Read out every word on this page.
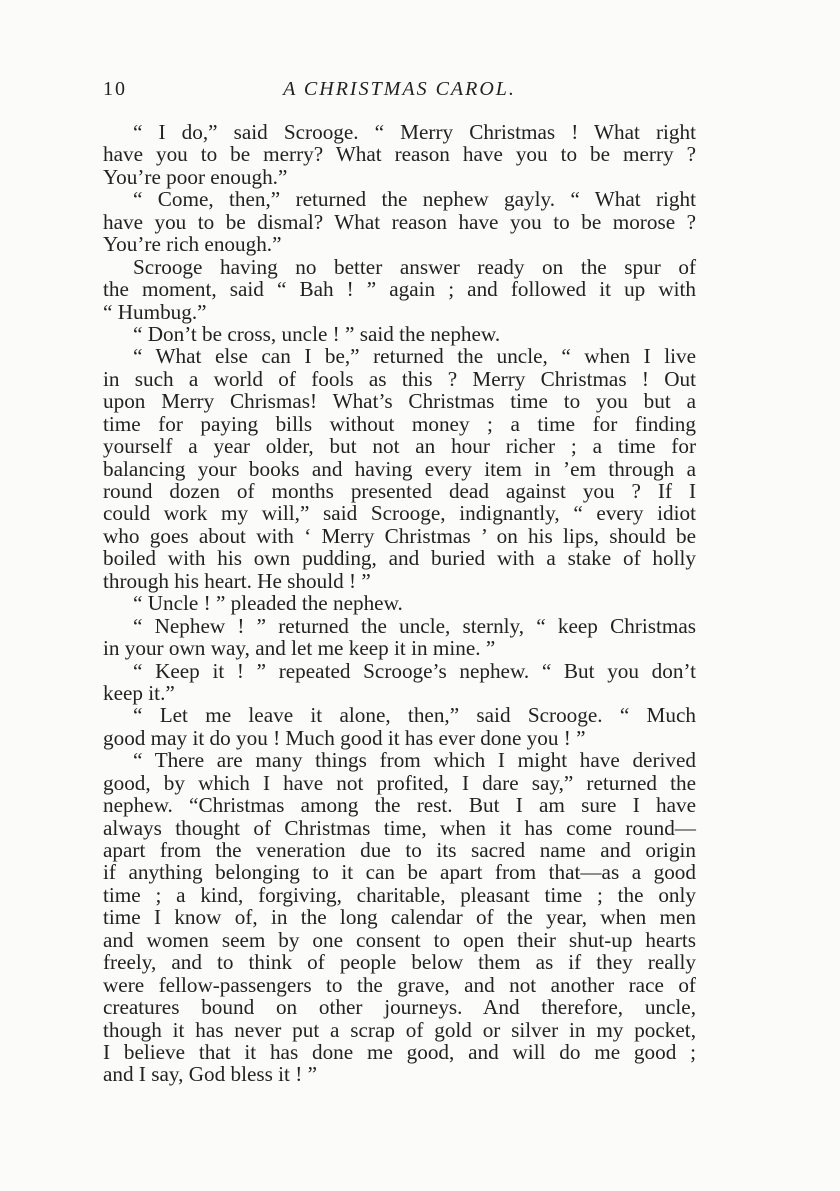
10	A CHRISTMAS CAROL.
“ I do,” said Scrooge. “ Merry Christmas ! What right
have you to be merry? What reason have you to be merry ?
You’re poor enough.”
“ Come, then,” returned the nephew gayly. “ What right
have you to be dismal? What reason have you to be morose ?
You’re rich enough.”
Scrooge having no better answer ready on the spur of
the moment, said “ Bah ! ” again ; and followed it up with
“ Humbug.”
“ Don’t be cross, uncle ! ” said the nephew.
“ What else can I be,” returned the uncle, “ when I live
in such a world of fools as this ? Merry Christmas ! Out
upon Merry Chrismas! What’s Christmas time to you but a
time for paying bills without money ; a time for finding
yourself a year older, but not an hour richer ; a time for
balancing your books and having every item in ’em through a
round dozen of months presented dead against you ? If I
could work my will,” said Scrooge, indignantly, “ every idiot
who goes about with ‘ Merry Christmas ’ on his lips, should be
boiled with his own pudding, and buried with a stake of holly
through his heart. He should ! ”
“ Uncle ! ” pleaded the nephew.
“ Nephew ! ” returned the uncle, sternly, “ keep Christmas
in your own way, and let me keep it in mine. ”
“ Keep it ! ” repeated Scrooge’s nephew. “ But you don’t
keep it.”
“ Let me leave it alone, then,” said Scrooge. “ Much
good may it do you ! Much good it has ever done you ! ”
“ There are many things from which I might have derived
good, by which I have not profited, I dare say,” returned the
nephew. “Christmas among the rest. But I am sure I have
always thought of Christmas time, when it has come round—
apart from the veneration due to its sacred name and origin
if anything belonging to it can be apart from that—as a good
time ; a kind, forgiving, charitable, pleasant time ; the only
time I know of, in the long calendar of the year, when men
and women seem by one consent to open their shut-up hearts
freely, and to think of people below them as if they really
were fellow-passengers to the grave, and not another race of
creatures bound on other journeys. And therefore, uncle,
though it has never put a scrap of gold or silver in my pocket,
I believe that it has done me good, and will do me good ;
and I say, God bless it ! ”
